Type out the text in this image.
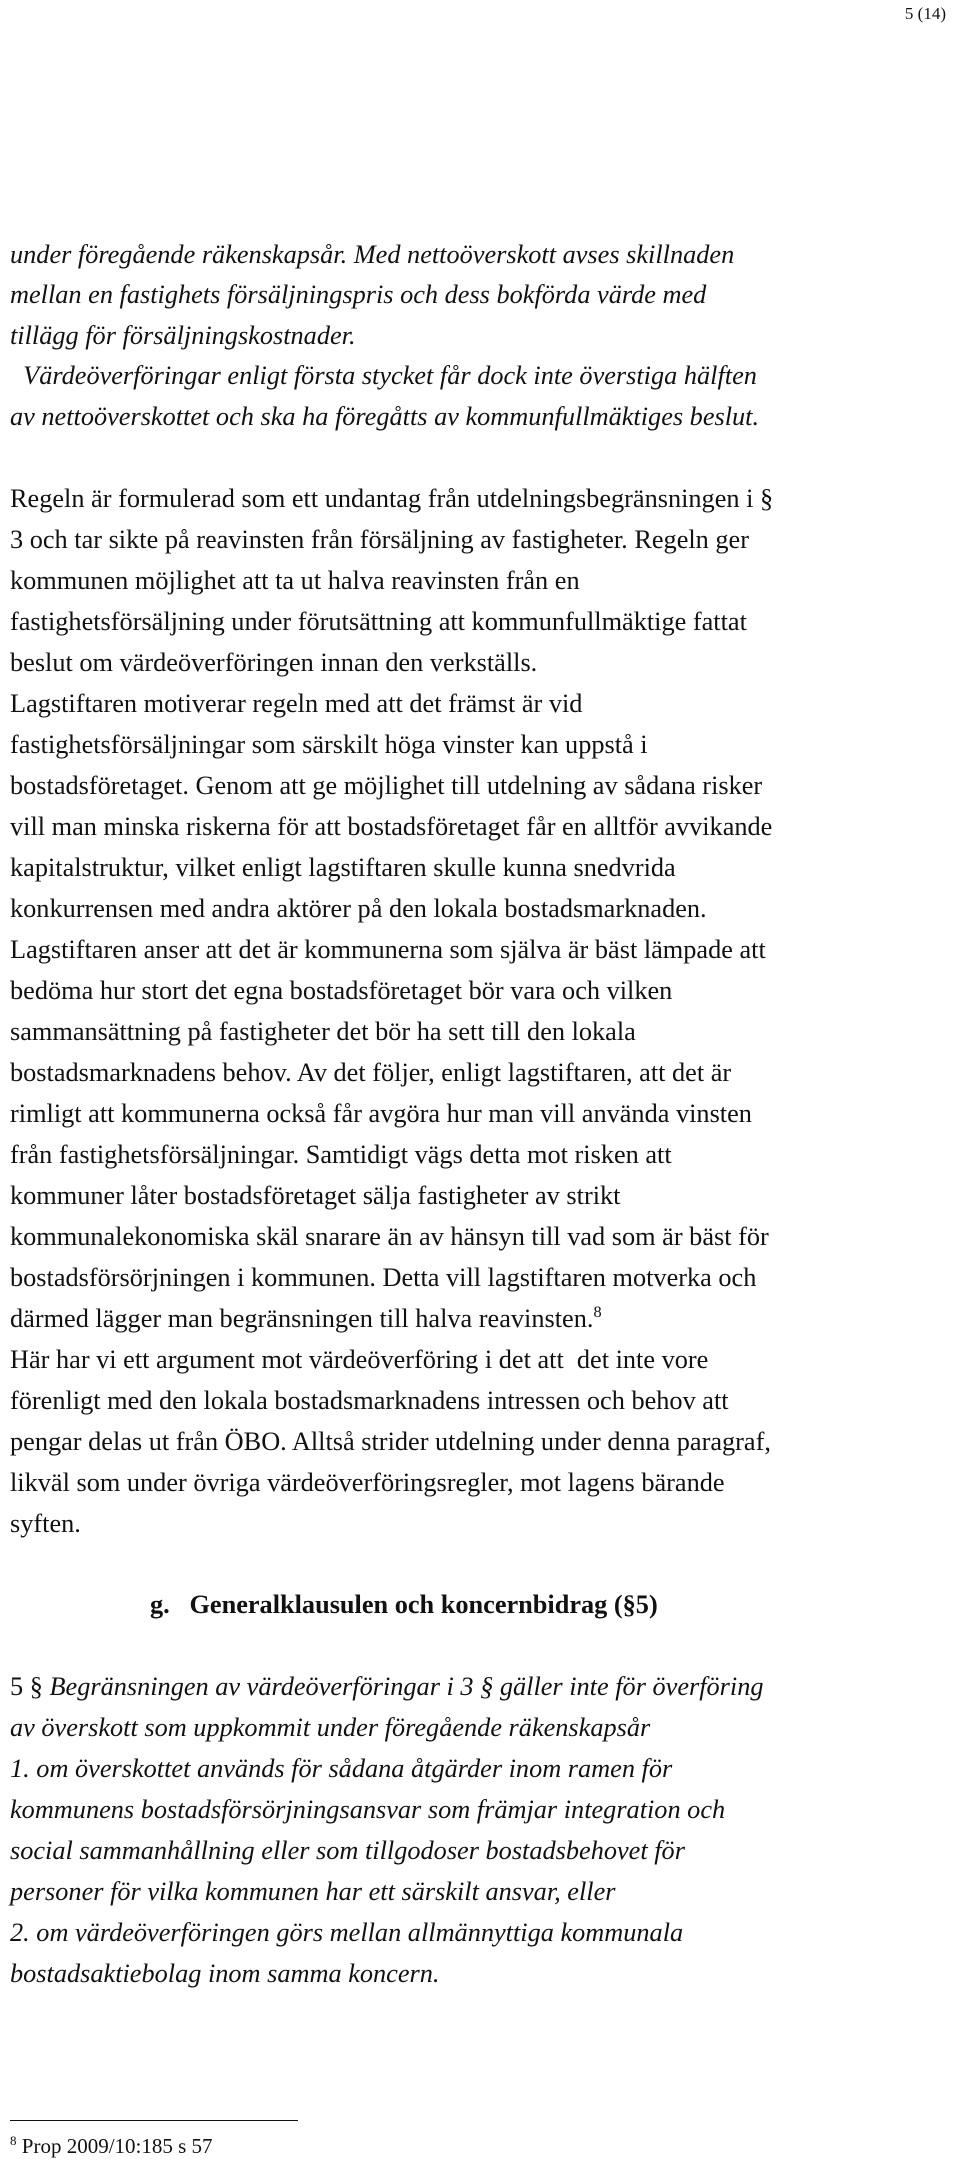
5 (14)

under föregående räkenskapsår. Med nettoöverskott avses skillnaden

mellan en fastighets försäljningspris och dess bokförda värde med

tillägg för försäljningskostnader.

Värdeöverföringar enligt första stycket får dock inte överstiga hälften

av nettoöverskottet och ska ha föregåtts av kommunfullmäktiges beslut.

Regeln är formulerad som ett undantag från utdelningsbegränsningen i §

3 och tar sikte på reavinsten från försäljning av fastigheter. Regeln ger

kommunen möjlighet att ta ut halva reavinsten från en

fastighetsförsäljning under förutsättning att kommunfullmäktige fattat

beslut om värdeöverföringen innan den verkställs.

Lagstiftaren motiverar regeln med att det främst är vid

fastighetsförsäljningar som särskilt höga vinster kan uppstå i

bostadsföretaget. Genom att ge möjlighet till utdelning av sådana risker

vill man minska riskerna för att bostadsföretaget får en alltför avvikande

kapitalstruktur, vilket enligt lagstiftaren skulle kunna snedvrida

konkurrensen med andra aktörer på den lokala bostadsmarknaden.

Lagstiftaren anser att det är kommunerna som själva är bäst lämpade att

bedöma hur stort det egna bostadsföretaget bör vara och vilken

sammansättning på fastigheter det bör ha sett till den lokala

bostadsmarknadens behov. Av det följer, enligt lagstiftaren, att det är

rimligt att kommunerna också får avgöra hur man vill använda vinsten

från fastighetsförsäljningar. Samtidigt vägs detta mot risken att

kommuner låter bostadsföretaget sälja fastigheter av strikt

kommunalekonomiska skäl snarare än av hänsyn till vad som är bäst för

bostadsförsörjningen i kommunen. Detta vill lagstiftaren motverka och

därmed lägger man begränsningen till halva reavinsten.$^8$

Här har vi ett argument mot värdeöverföring i det att  det inte vore

förenligt med den lokala bostadsmarknadens intressen och behov att

pengar delas ut från ÖBO. Alltså strider utdelning under denna paragraf,

likväl som under övriga värdeöverföringsregler, mot lagens bärande

syften.

g.   Generalklausulen och koncernbidrag (§5)

5 § Begränsningen av värdeöverföringar i 3 § gäller inte för överföring

av överskott som uppkommit under föregående räkenskapsår

1. om överskottet används för sådana åtgärder inom ramen för

kommunens bostadsförsörjningsansvar som främjar integration och

social sammanhållning eller som tillgodoser bostadsbehovet för

personer för vilka kommunen har ett särskilt ansvar, eller

2. om värdeöverföringen görs mellan allmännyttiga kommunala

bostadsaktiebolag inom samma koncern.

$^8$ Prop 2009/10:185 s 57
